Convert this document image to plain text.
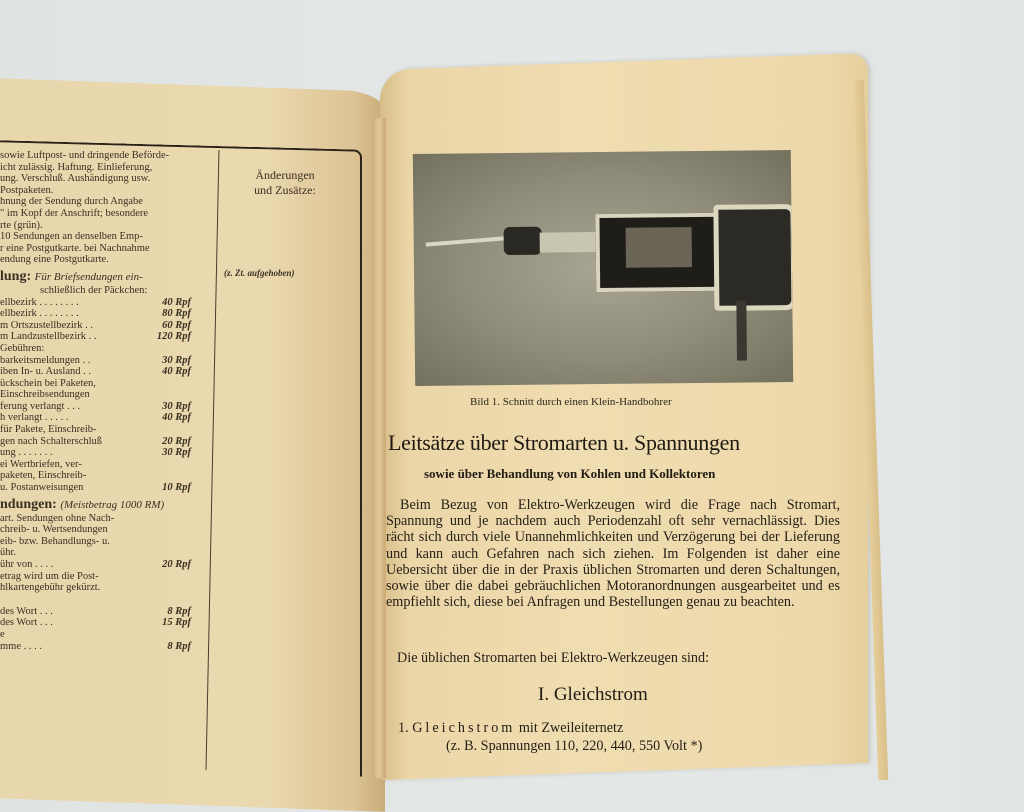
sowie Luftpost- und dringende Beförde-
icht zulässig. Haftung. Einlieferung,
ung. Verschluß. Aushändigung usw.
Postpaketen.
hnung der Sendung durch Angabe
" im Kopf der Anschrift; besondere
rte (grün).
10 Sendungen an denselben Emp-
r eine Postgutkarte. bei Nachnahme
endung eine Postgutkarte.
lung: Für Briefsendungen ein-
schließlich der Päckchen:
ellbezirk . . . . . . . .	40 Rpf
ellbezirk . . . . . . . .	80 Rpf
m Ortszustellbezirk . .	60 Rpf
m Landzustellbezirk . .	120 Rpf
Gebühren:
barkeitsmeldungen . .	30 Rpf
iben In- u. Ausland . .	40 Rpf
ückschein bei Paketen,
Einschreibsendungen
ferung verlangt . . .	30 Rpf
h verlangt . . . . .	40 Rpf
für Pakete, Einschreib-
gen nach Schalterschluß	20 Rpf
ung . . . . . . .	30 Rpf
ei Wertbriefen, ver-
paketen, Einschreib-
u. Postanweisungen	10 Rpf
ndungen: (Meistbetrag 1000 RM)
art. Sendungen ohne Nach-
chreib- u. Wertsendungen
eib- bzw. Behandlungs- u.
ühr.
ühr von . . . .	20 Rpf
etrag wird um die Post-
hlkartengebühr gekürzt.
des Wort . . .	8 Rpf
des Wort . . .	15 Rpf
e
mme . . . .	8 Rpf
Änderungen
und Zusätze:
(z. Zt. aufgehoben)
Bild 1. Schnitt durch einen Klein-Handbohrer
Leitsätze über Stromarten u. Spannungen
sowie über Behandlung von Kohlen und Kollektoren
Beim Bezug von Elektro-Werkzeugen wird die Frage nach Stromart, Spannung und je nachdem auch Periodenzahl oft sehr vernachlässigt. Dies rächt sich durch viele Unannehmlichkeiten und Verzögerung bei der Lieferung und kann auch Gefahren nach sich ziehen. Im Folgenden ist daher eine Uebersicht über die in der Praxis üblichen Stromarten und deren Schaltungen, sowie über die dabei gebräuchlichen Motoranordnungen ausgearbeitet und es empfiehlt sich, diese bei Anfragen und Bestellungen genau zu beachten.
Die üblichen Stromarten bei Elektro-Werkzeugen sind:
I. Gleichstrom
1. Gleichstrom mit Zweileiternetz
(z. B. Spannungen 110, 220, 440, 550 Volt *)
